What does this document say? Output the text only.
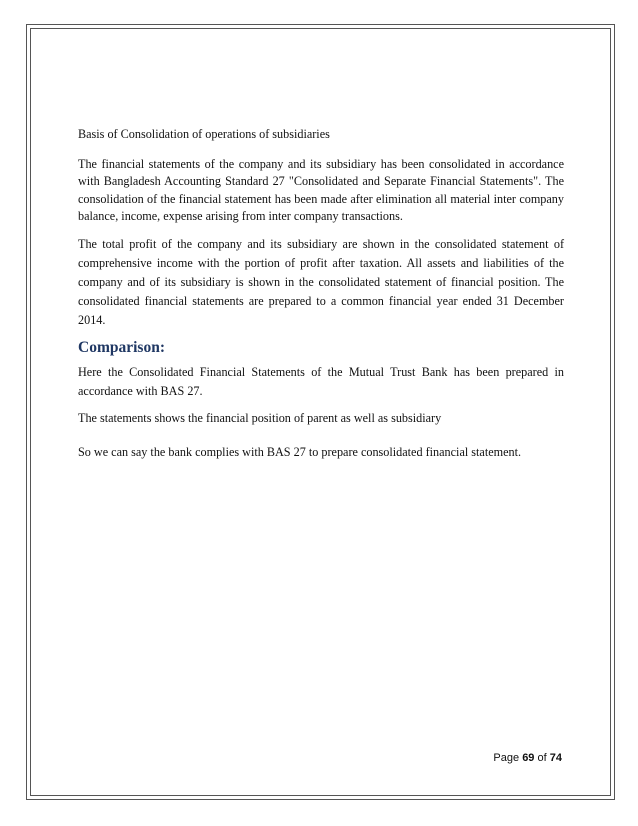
Basis of Consolidation of operations of subsidiaries

The financial statements of the company and its subsidiary has been consolidated in accordance with Bangladesh Accounting Standard 27 "Consolidated and Separate Financial Statements". The consolidation of the financial statement has been made after elimination all material inter company balance, income, expense arising from inter company transactions.

The total profit of the company and its subsidiary are shown in the consolidated statement of comprehensive income with the portion of profit after taxation. All assets and liabilities of the company and of its subsidiary is shown in the consolidated statement of financial position. The consolidated financial statements are prepared to a common financial year ended 31 December 2014.

Comparison:

Here the Consolidated Financial Statements of the Mutual Trust Bank has been prepared in accordance with BAS 27.

The statements shows the financial position of parent as well as subsidiary

So we can say the bank complies with BAS 27 to prepare consolidated financial statement.

Page 69 of 74
